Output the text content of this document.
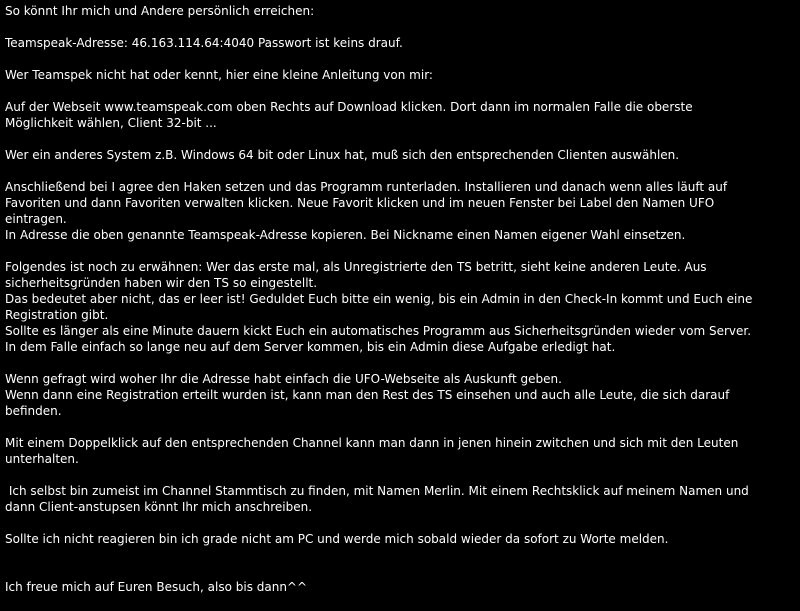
So könnt Ihr mich und Andere persönlich erreichen:

Teamspeak-Adresse: 46.163.114.64:4040 Passwort ist keins drauf.

Wer Teamspek nicht hat oder kennt, hier eine kleine Anleitung von mir:

Auf der Webseit www.teamspeak.com oben Rechts auf Download klicken. Dort dann im normalen Falle die oberste
Möglichkeit wählen, Client 32-bit ...

Wer ein anderes System z.B. Windows 64 bit oder Linux hat, muß sich den entsprechenden Clienten auswählen.

Anschließend bei I agree den Haken setzen und das Programm runterladen. Installieren und danach wenn alles läuft auf
Favoriten und dann Favoriten verwalten klicken. Neue Favorit klicken und im neuen Fenster bei Label den Namen UFO
eintragen.
In Adresse die oben genannte Teamspeak-Adresse kopieren. Bei Nickname einen Namen eigener Wahl einsetzen.

Folgendes ist noch zu erwähnen: Wer das erste mal, als Unregistrierte den TS betritt, sieht keine anderen Leute. Aus
sicherheitsgründen haben wir den TS so eingestellt.
Das bedeutet aber nicht, das er leer ist! Geduldet Euch bitte ein wenig, bis ein Admin in den Check-In kommt und Euch eine
Registration gibt.
Sollte es länger als eine Minute dauern kickt Euch ein automatisches Programm aus Sicherheitsgründen wieder vom Server.
In dem Falle einfach so lange neu auf dem Server kommen, bis ein Admin diese Aufgabe erledigt hat.

Wenn gefragt wird woher Ihr die Adresse habt einfach die UFO-Webseite als Auskunft geben.
Wenn dann eine Registration erteilt wurden ist, kann man den Rest des TS einsehen und auch alle Leute, die sich darauf
befinden.

Mit einem Doppelklick auf den entsprechenden Channel kann man dann in jenen hinein zwitchen und sich mit den Leuten
unterhalten.

Ich selbst bin zumeist im Channel Stammtisch zu finden, mit Namen Merlin. Mit einem Rechtsklick auf meinem Namen und
dann Client-anstupsen könnt Ihr mich anschreiben.

Sollte ich nicht reagieren bin ich grade nicht am PC und werde mich sobald wieder da sofort zu Worte melden.

Ich freue mich auf Euren Besuch, also bis dann^^
